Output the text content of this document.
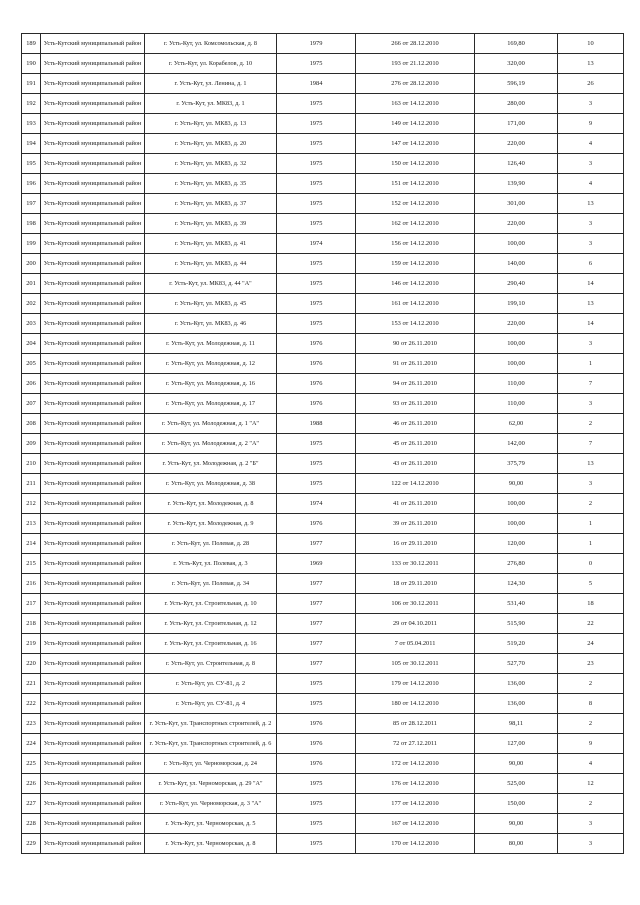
189	Усть-Кутский муниципальный район	г. Усть-Кут, ул. Комсомольская, д. 8	1979	266 от 28.12.2010	169,80	10
190	Усть-Кутский муниципальный район	г. Усть-Кут, ул. Корабелов, д. 10	1975	193 от 21.12.2010	320,00	13
191	Усть-Кутский муниципальный район	г. Усть-Кут, ул. Ленина, д. 1	1984	276 от 28.12.2010	596,19	26
192	Усть-Кутский муниципальный район	г. Усть-Кут, ул. МК83, д. 1	1975	163 от 14.12.2010	280,00	3
193	Усть-Кутский муниципальный район	г. Усть-Кут, ул. МК83, д. 13	1975	149 от 14.12.2010	171,00	9
194	Усть-Кутский муниципальный район	г. Усть-Кут, ул. МК83, д. 20	1975	147 от 14.12.2010	220,00	4
195	Усть-Кутский муниципальный район	г. Усть-Кут, ул. МК83, д. 32	1975	150 от 14.12.2010	126,40	3
196	Усть-Кутский муниципальный район	г. Усть-Кут, ул. МК83, д. 35	1975	151 от 14.12.2010	139,90	4
197	Усть-Кутский муниципальный район	г. Усть-Кут, ул. МК83, д. 37	1975	152 от 14.12.2010	301,00	13
198	Усть-Кутский муниципальный район	г. Усть-Кут, ул. МК83, д. 39	1975	162 от 14.12.2010	220,00	3
199	Усть-Кутский муниципальный район	г. Усть-Кут, ул. МК83, д. 41	1974	156 от 14.12.2010	100,00	3
200	Усть-Кутский муниципальный район	г. Усть-Кут, ул. МК83, д. 44	1975	159 от 14.12.2010	140,00	6
201	Усть-Кутский муниципальный район	г. Усть-Кут, ул. МК83, д. 44 "А"	1975	146 от 14.12.2010	290,40	14
202	Усть-Кутский муниципальный район	г. Усть-Кут, ул. МК83, д. 45	1975	161 от 14.12.2010	199,10	13
203	Усть-Кутский муниципальный район	г. Усть-Кут, ул. МК83, д. 46	1975	153 от 14.12.2010	220,00	14
204	Усть-Кутский муниципальный район	г. Усть-Кут, ул. Молодежная, д. 11	1976	90 от 26.11.2010	100,00	3
205	Усть-Кутский муниципальный район	г. Усть-Кут, ул. Молодежная, д. 12	1976	91 от 26.11.2010	100,00	1
206	Усть-Кутский муниципальный район	г. Усть-Кут, ул. Молодежная, д. 16	1976	94 от 26.11.2010	110,00	7
207	Усть-Кутский муниципальный район	г. Усть-Кут, ул. Молодежная, д. 17	1976	93 от 26.11.2010	110,00	3
208	Усть-Кутский муниципальный район	г. Усть-Кут, ул. Молодежная, д. 1 "А"	1988	46 от 26.11.2010	62,00	2
209	Усть-Кутский муниципальный район	г. Усть-Кут, ул. Молодежная, д. 2 "А"	1975	45 от 26.11.2010	142,00	7
210	Усть-Кутский муниципальный район	г. Усть-Кут, ул. Молодежная, д. 2 "Б"	1975	43 от 26.11.2010	375,79	13
211	Усть-Кутский муниципальный район	г. Усть-Кут, ул. Молодежная, д. 38	1975	122 от 14.12.2010	90,00	3
212	Усть-Кутский муниципальный район	г. Усть-Кут, ул. Молодежная, д. 8	1974	41 от 26.11.2010	100,00	2
213	Усть-Кутский муниципальный район	г. Усть-Кут, ул. Молодежная, д. 9	1976	39 от 26.11.2010	100,00	1
214	Усть-Кутский муниципальный район	г. Усть-Кут, ул. Полевая, д. 28	1977	16 от 29.11.2010	120,00	1
215	Усть-Кутский муниципальный район	г. Усть-Кут, ул. Полевая, д. 3	1969	133 от 30.12.2011	276,80	0
216	Усть-Кутский муниципальный район	г. Усть-Кут, ул. Полевая, д. 34	1977	18 от 29.11.2010	124,30	5
217	Усть-Кутский муниципальный район	г. Усть-Кут, ул. Строительная, д. 10	1977	106 от 30.12.2011	531,40	18
218	Усть-Кутский муниципальный район	г. Усть-Кут, ул. Строительная, д. 12	1977	29 от 04.10.2011	515,90	22
219	Усть-Кутский муниципальный район	г. Усть-Кут, ул. Строительная, д. 16	1977	7 от 05.04.2011	519,20	24
220	Усть-Кутский муниципальный район	г. Усть-Кут, ул. Строительная, д. 8	1977	105 от 30.12.2011	527,70	23
221	Усть-Кутский муниципальный район	г. Усть-Кут, ул. СУ-81, д. 2	1975	179 от 14.12.2010	136,00	2
222	Усть-Кутский муниципальный район	г. Усть-Кут, ул. СУ-81, д. 4	1975	180 от 14.12.2010	136,00	8
223	Усть-Кутский муниципальный район	г. Усть-Кут, ул. Транспортных строителей, д. 2	1976	85 от 28.12.2011	98,11	2
224	Усть-Кутский муниципальный район	г. Усть-Кут, ул. Транспортных строителей, д. 6	1976	72 от 27.12.2011	127,00	9
225	Усть-Кутский муниципальный район	г. Усть-Кут, ул. Черноморская, д. 24	1976	172 от 14.12.2010	90,00	4
226	Усть-Кутский муниципальный район	г. Усть-Кут, ул. Черноморская, д. 29 "А"	1975	176 от 14.12.2010	525,00	12
227	Усть-Кутский муниципальный район	г. Усть-Кут, ул. Черноморская, д. 3 "А"	1975	177 от 14.12.2010	150,00	2
228	Усть-Кутский муниципальный район	г. Усть-Кут, ул. Черноморская, д. 5	1975	167 от 14.12.2010	90,00	3
229	Усть-Кутский муниципальный район	г. Усть-Кут, ул. Черноморская, д. 8	1975	170 от 14.12.2010	80,00	3
